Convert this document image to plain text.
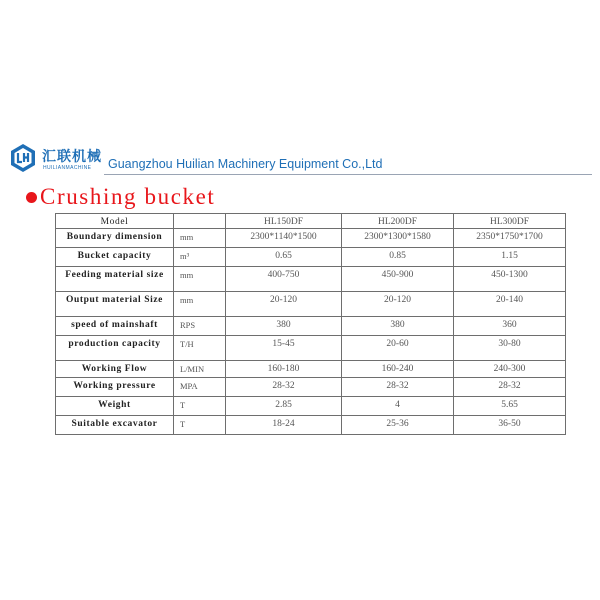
汇联机械
HUILIANMACHINE Guangzhou Huilian Machinery Equipment Co.,Ltd
Crushing bucket
Model		HL150DF	HL200DF	HL300DF
Boundary dimension	mm	2300*1140*1500	2300*1300*1580	2350*1750*1700
Bucket capacity	m³	0.65	0.85	1.15
Feeding material size	mm	400-750	450-900	450-1300
Output material Size	mm	20-120	20-120	20-140
speed of mainshaft	RPS	380	380	360
production capacity	T/H	15-45	20-60	30-80
Working Flow	L/MIN	160-180	160-240	240-300
Working pressure	MPA	28-32	28-32	28-32
Weight	T	2.85	4	5.65
Suitable excavator	T	18-24	25-36	36-50
